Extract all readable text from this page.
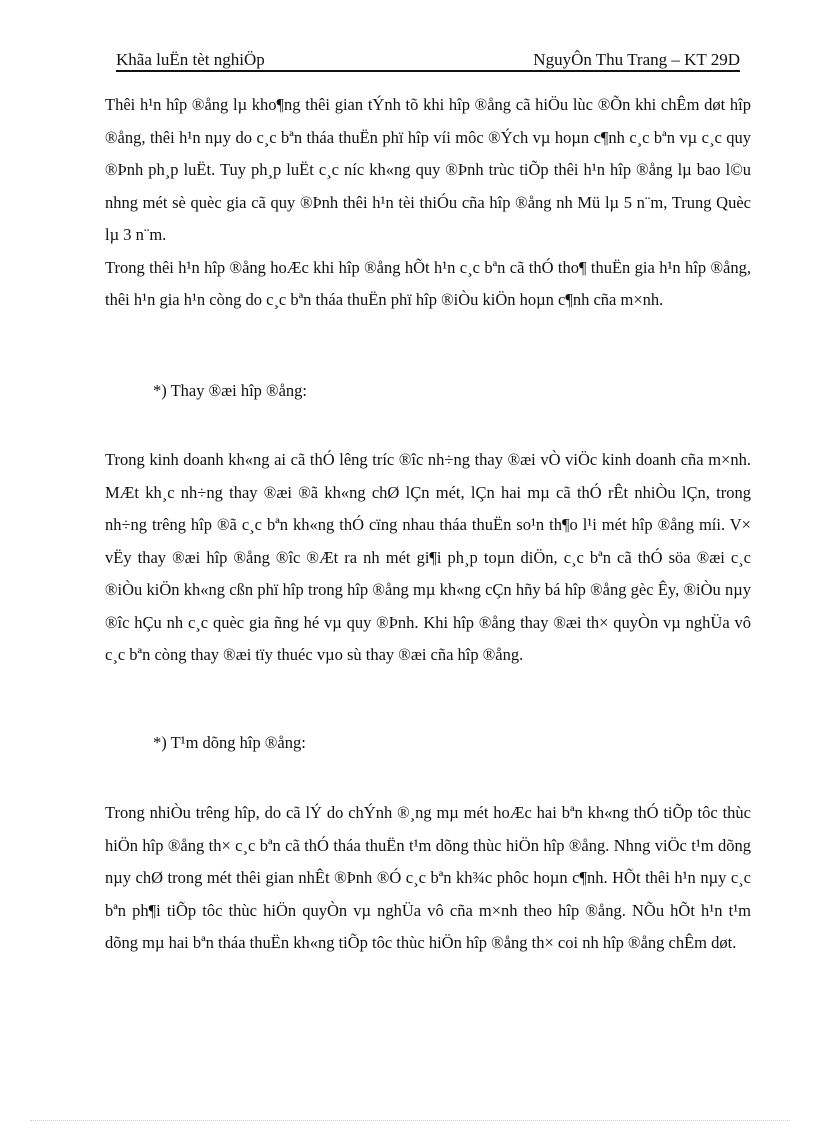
Khãa luËn tèt nghiÖp	NguyÔn Thu Trang – KT 29D

Thêi h¹n hîp ®ång lµ kho¶ng thêi gian tÝnh tõ khi hîp ®ång cã hiÖu lùc ®Õn khi chÊm døt hîp ®ång, thêi h¹n nµy do c¸c bªn tháa thuËn phï hîp víi môc ®Ých vµ hoµn c¶nh c¸c bªn vµ c¸c quy ®Þnh ph¸p luËt. Tuy ph¸p luËt c¸c níc kh«ng quy ®Þnh trùc tiÕp thêi h¹n hîp ®ång lµ bao l©u nhng mét sè quèc gia cã quy ®Þnh thêi h¹n tèi thiÓu cña hîp ®ång nh Mü lµ 5 n¨m, Trung Quèc lµ 3 n¨m.

Trong thêi h¹n hîp ®ång hoÆc khi hîp ®ång hÕt h¹n c¸c bªn cã thÓ tho¶ thuËn gia h¹n hîp ®ång, thêi h¹n gia h¹n còng do c¸c bªn tháa thuËn phï hîp ®iÒu kiÖn hoµn c¶nh cña m×nh.

*) Thay ®æi hîp ®ång:

Trong kinh doanh kh«ng ai cã thÓ lêng tríc ®îc nh÷ng thay ®æi vÒ viÖc kinh doanh cña m×nh. MÆt kh¸c nh÷ng thay ®æi ®ã kh«ng chØ lÇn mét, lÇn hai mµ cã thÓ rÊt nhiÒu lÇn, trong nh÷ng trêng hîp ®ã c¸c bªn kh«ng thÓ cïng nhau tháa thuËn so¹n th¶o l¹i mét hîp ®ång míi. V× vËy thay ®æi hîp ®ång ®îc ®Æt ra nh mét gi¶i ph¸p toµn diÖn, c¸c bªn cã thÓ söa ®æi c¸c ®iÒu kiÖn kh«ng cßn phï hîp trong hîp ®ång mµ kh«ng cÇn hñy bá hîp ®ång gèc Êy, ®iÒu nµy ®îc hÇu nh c¸c quèc gia ñng hé vµ quy ®Þnh. Khi hîp ®ång thay ®æi th× quyÒn vµ nghÜa vô c¸c bªn còng thay ®æi tïy thuéc vµo sù thay ®æi cña hîp ®ång.

*) T¹m dõng hîp ®ång:

Trong nhiÒu trêng hîp, do cã lÝ do chÝnh ®¸ng mµ mét hoÆc hai bªn kh«ng thÓ tiÕp tôc thùc hiÖn hîp ®ång th× c¸c bªn cã thÓ tháa thuËn t¹m dõng thùc hiÖn hîp ®ång. Nhng viÖc t¹m dõng nµy chØ trong mét thêi gian nhÊt ®Þnh ®Ó c¸c bªn kh¾c phôc hoµn c¶nh. HÕt thêi h¹n nµy c¸c bªn ph¶i tiÕp tôc thùc hiÖn quyÒn vµ nghÜa vô cña m×nh theo hîp ®ång. NÕu hÕt h¹n t¹m dõng mµ hai bªn tháa thuËn kh«ng tiÕp tôc thùc hiÖn hîp ®ång th× coi nh hîp ®ång chÊm døt.
